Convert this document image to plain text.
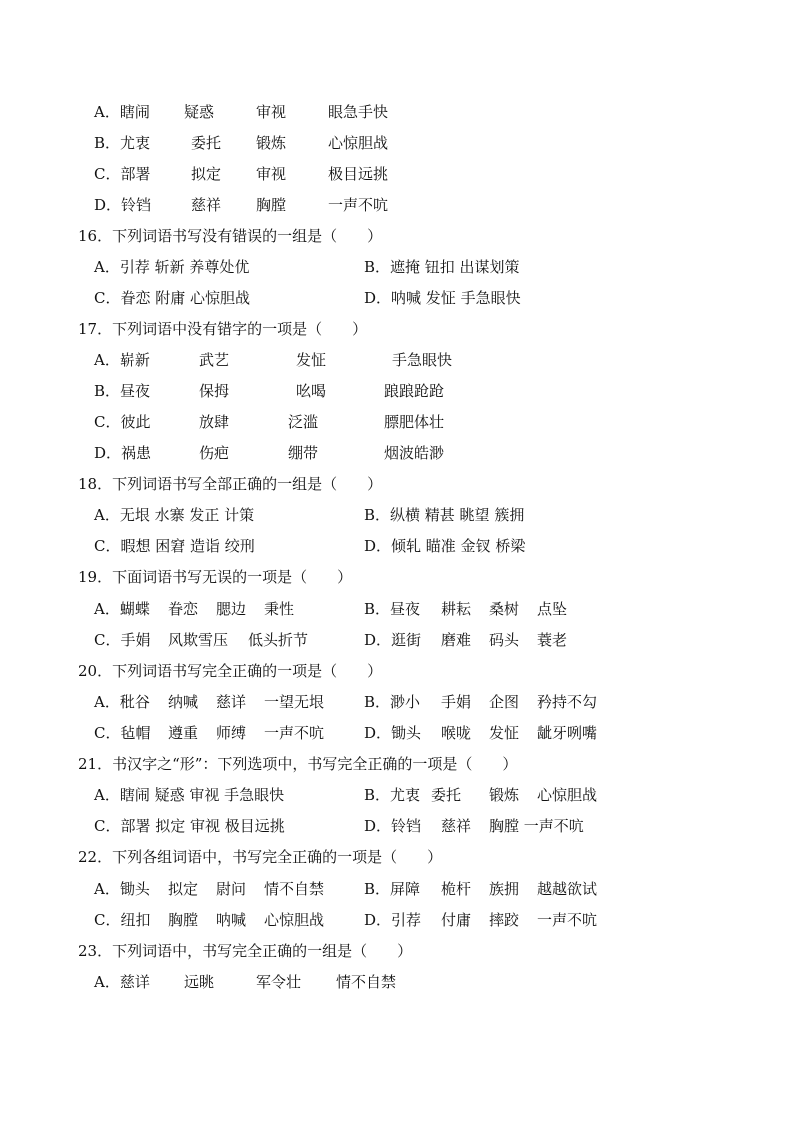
A．瞎闹 疑惑	审视	眼急手快
B．尤衷	委托 锻炼	心惊胆战
C．部署	拟定 审视	极目远挑
D．铃铛	慈祥 胸膛	一声不吭
16．下列词语书写没有错误的一组是（　　）
A．引荐 斩新 养尊处优	B．遮掩 钮扣 出谋划策
C．眷恋 附庸 心惊胆战	D．呐喊 发怔 手急眼快
17．下列词语中没有错字的一项是（　　）
A．崭新	武艺	发怔	手急眼快
B．昼夜	保拇	吆喝	踉踉跄跄
C．彼此	放肆	泛滥	膘肥体壮
D．祸患	伤疤	绷带	烟波皓渺
18．下列词语书写全部正确的一组是（　　）
A．无垠 水寨 发正 计策	B．纵横 精甚 眺望 簇拥
C．暇想 困窘 造诣 绞刑	D．倾轧 瞄准 金钗 桥梁
19．下面词语书写无误的一项是（　　）
A．蝴蝶 眷恋 腮边 秉性	B．昼夜 耕耘 桑树 点坠
C．手娟 风欺雪压 低头折节	D．逛街 磨难 码头 蓑老
20．下列词语书写完全正确的一项是（　　）
A．秕谷 纳喊 慈详 一望无垠	B．渺小 手娟 企图 矜持不勾
C．毡帽 遵重 师缚 一声不吭	D．锄头 喉咙 发怔 龇牙咧嘴
21．书汉字之“形”：下列选项中，书写完全正确的一项是（　　）
A．瞎闹 疑惑 审视 手急眼快	B．尤衷 委托 锻炼 心惊胆战
C．部署 拟定 审视 极目远挑	D．铃铛 慈祥 胸膛 一声不吭
22．下列各组词语中，书写完全正确的一项是（　　）
A．锄头 拟定 尉问 情不自禁	B．屏障 桅杆 族拥 越越欲试
C．纽扣 胸膛 呐喊 心惊胆战	D．引荐 付庸 摔跤 一声不吭
23．下列词语中，书写完全正确的一组是（　　）
A．慈详 远眺	军令壮 情不自禁
